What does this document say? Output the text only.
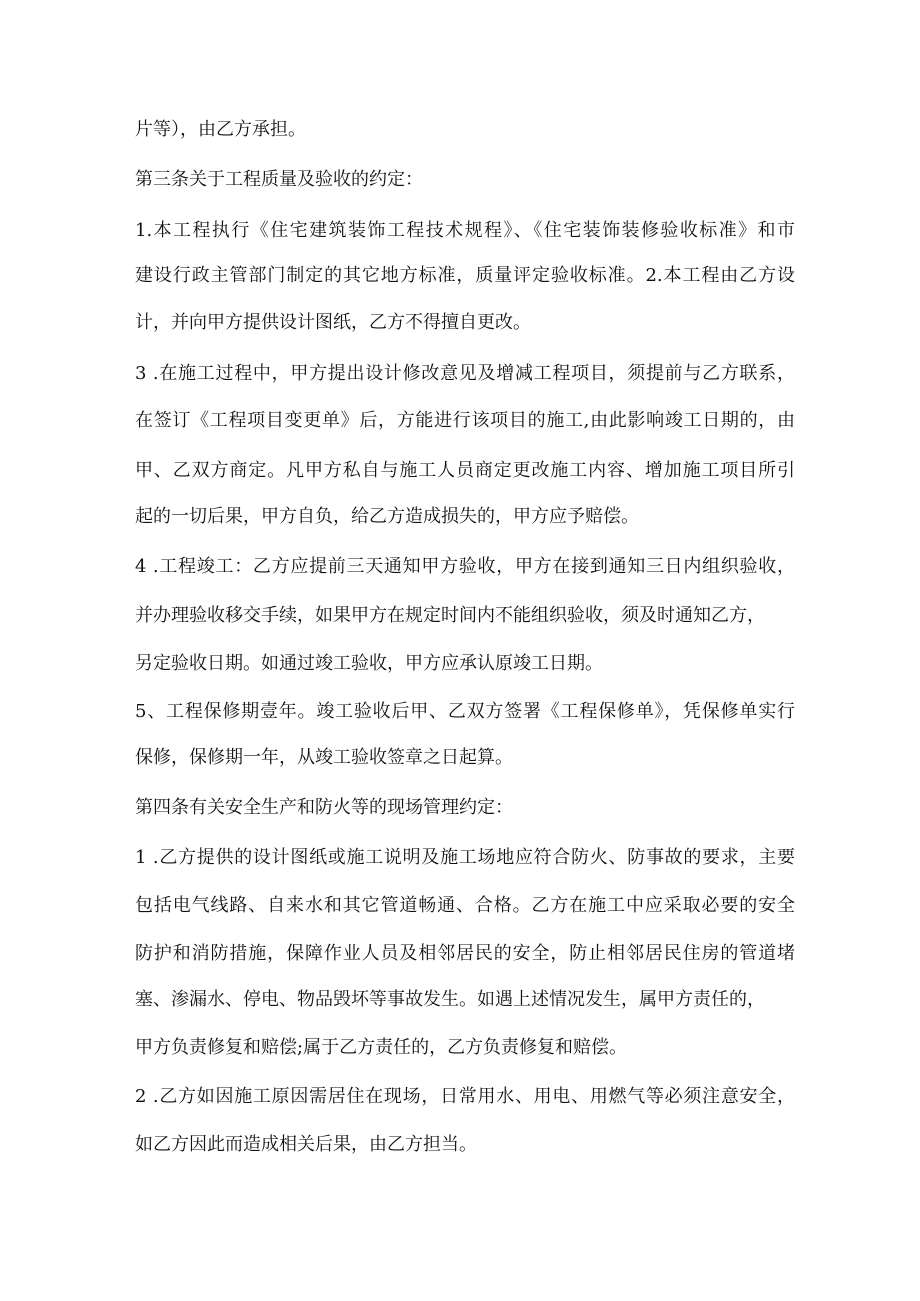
片等），由乙方承担。

第三条关于工程质量及验收的约定：

1.本工程执行《住宅建筑装饰工程技术规程》、《住宅装饰装修验收标准》和市

建设行政主管部门制定的其它地方标准，质量评定验收标准。2.本工程由乙方设

计，并向甲方提供设计图纸，乙方不得擅自更改。

3 .在施工过程中，甲方提出设计修改意见及增减工程项目，须提前与乙方联系，

在签订《工程项目变更单》后，方能进行该项目的施工,由此影响竣工日期的，由

甲、乙双方商定。凡甲方私自与施工人员商定更改施工内容、增加施工项目所引

起的一切后果，甲方自负，给乙方造成损失的，甲方应予赔偿。

4 .工程竣工：乙方应提前三天通知甲方验收，甲方在接到通知三日内组织验收，

并办理验收移交手续，如果甲方在规定时间内不能组织验收，须及时通知乙方，

另定验收日期。如通过竣工验收，甲方应承认原竣工日期。

5、工程保修期壹年。竣工验收后甲、乙双方签署《工程保修单》，凭保修单实行

保修，保修期一年，从竣工验收签章之日起算。

第四条有关安全生产和防火等的现场管理约定：

1 .乙方提供的设计图纸或施工说明及施工场地应符合防火、防事故的要求，主要

包括电气线路、自来水和其它管道畅通、合格。乙方在施工中应采取必要的安全

防护和消防措施，保障作业人员及相邻居民的安全，防止相邻居民住房的管道堵

塞、渗漏水、停电、物品毁坏等事故发生。如遇上述情况发生，属甲方责任的，

甲方负责修复和赔偿;属于乙方责任的，乙方负责修复和赔偿。

2 .乙方如因施工原因需居住在现场，日常用水、用电、用燃气等必须注意安全，

如乙方因此而造成相关后果，由乙方担当。
